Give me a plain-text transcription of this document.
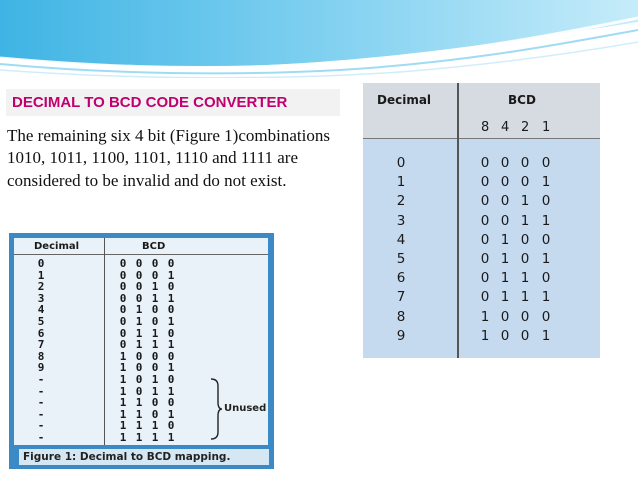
DECIMAL TO BCD CODE CONVERTER
The remaining six 4 bit (Figure 1)combinations 1010, 1011, 1100, 1101, 1110 and 1111 are considered to be invalid and do not exist.
Decimal	BCD
Unused
0	0 0 0 0
1	0 0 0 1
2	0 0 1 0
3	0 0 1 1
4	0 1 0 0
5	0 1 0 1
6	0 1 1 0
7	0 1 1 1
8	1 0 0 0
9	1 0 0 1
-	1 0 1 0
-	1 0 1 1
-	1 1 0 0
-	1 1 0 1
-	1 1 1 0
-	1 1 1 1
Figure 1: Decimal to BCD mapping.
Decimal	BCD
8 4 2 1
0	0 0 0 0
1	0 0 0 1
2	0 0 1 0
3	0 0 1 1
4	0 1 0 0
5	0 1 0 1
6	0 1 1 0
7	0 1 1 1
8	1 0 0 0
9	1 0 0 1
